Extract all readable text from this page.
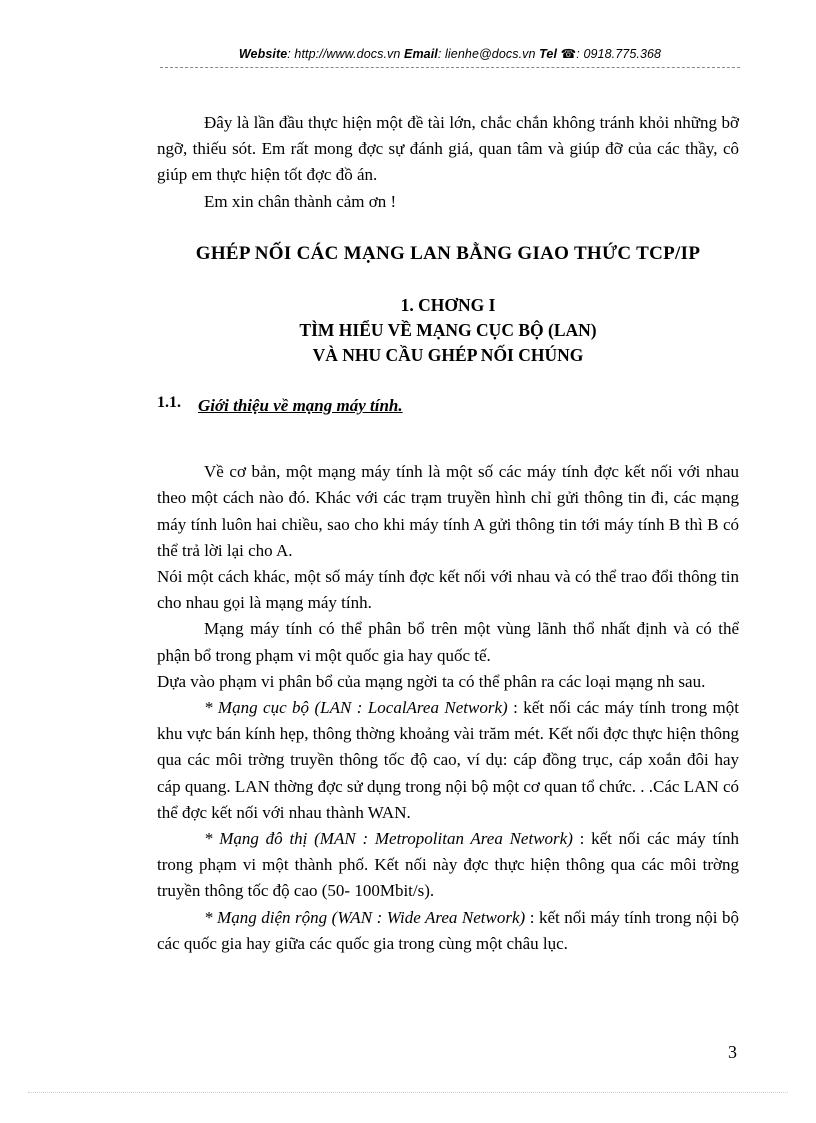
Website: http://www.docs.vn Email: lienhe@docs.vn Tel ☎: 0918.775.368

Đây là lần đầu thực hiện một đề tài lớn, chắc chắn không tránh khỏi những bỡ ngỡ, thiếu sót. Em rất mong đợc sự đánh giá, quan tâm và giúp đỡ của các thầy, cô giúp em thực hiện tốt đợc đồ án.

Em xin chân thành cảm ơn !

GHÉP NỐI CÁC MẠNG LAN BẰNG GIAO THỨC TCP/IP
1. CHƠNG I
TÌM HIỂU VỀ MẠNG CỤC BỘ (LAN)
VÀ NHU CẦU GHÉP NỐI CHÚNG
1.1. Giới thiệu về mạng máy tính.

Về cơ bản, một mạng máy tính là một số các máy tính đợc kết nối với nhau theo một cách nào đó. Khác với các trạm truyền hình chỉ gửi thông tin đi, các mạng máy tính luôn hai chiều, sao cho khi máy tính A gửi thông tin tới máy tính B thì B có thể trả lời lại cho A.

Nói một cách khác, một số máy tính đợc kết nối với nhau và có thể trao đổi thông tin cho nhau gọi là mạng máy tính.

Mạng máy tính có thể phân bổ trên một vùng lãnh thổ nhất định và có thể phận bổ trong phạm vi một quốc gia hay quốc tế.

Dựa vào phạm vi phân bổ của mạng ngời ta có thể phân ra các loại mạng nh sau.

* Mạng cục bộ (LAN : LocalArea Network) : kết nối các máy tính trong một khu vực bán kính hẹp, thông thờng khoảng vài trăm mét. Kết nối đợc thực hiện thông qua các môi trờng truyền thông tốc độ cao, ví dụ: cáp đồng trục, cáp xoắn đôi hay cáp quang. LAN thờng đợc sử dụng trong nội bộ một cơ quan tổ chức. . .Các LAN có thể đợc kết nối với nhau thành WAN.

* Mạng đô thị (MAN : Metropolitan Area Network) : kết nối các máy tính trong phạm vi một thành phố. Kết nối này đợc thực hiện thông qua các môi trờng truyền thông tốc độ cao (50- 100Mbit/s).

* Mạng diện rộng (WAN : Wide Area Network) : kết nối máy tính trong nội bộ các quốc gia hay giữa các quốc gia trong cùng một châu lục.

3
